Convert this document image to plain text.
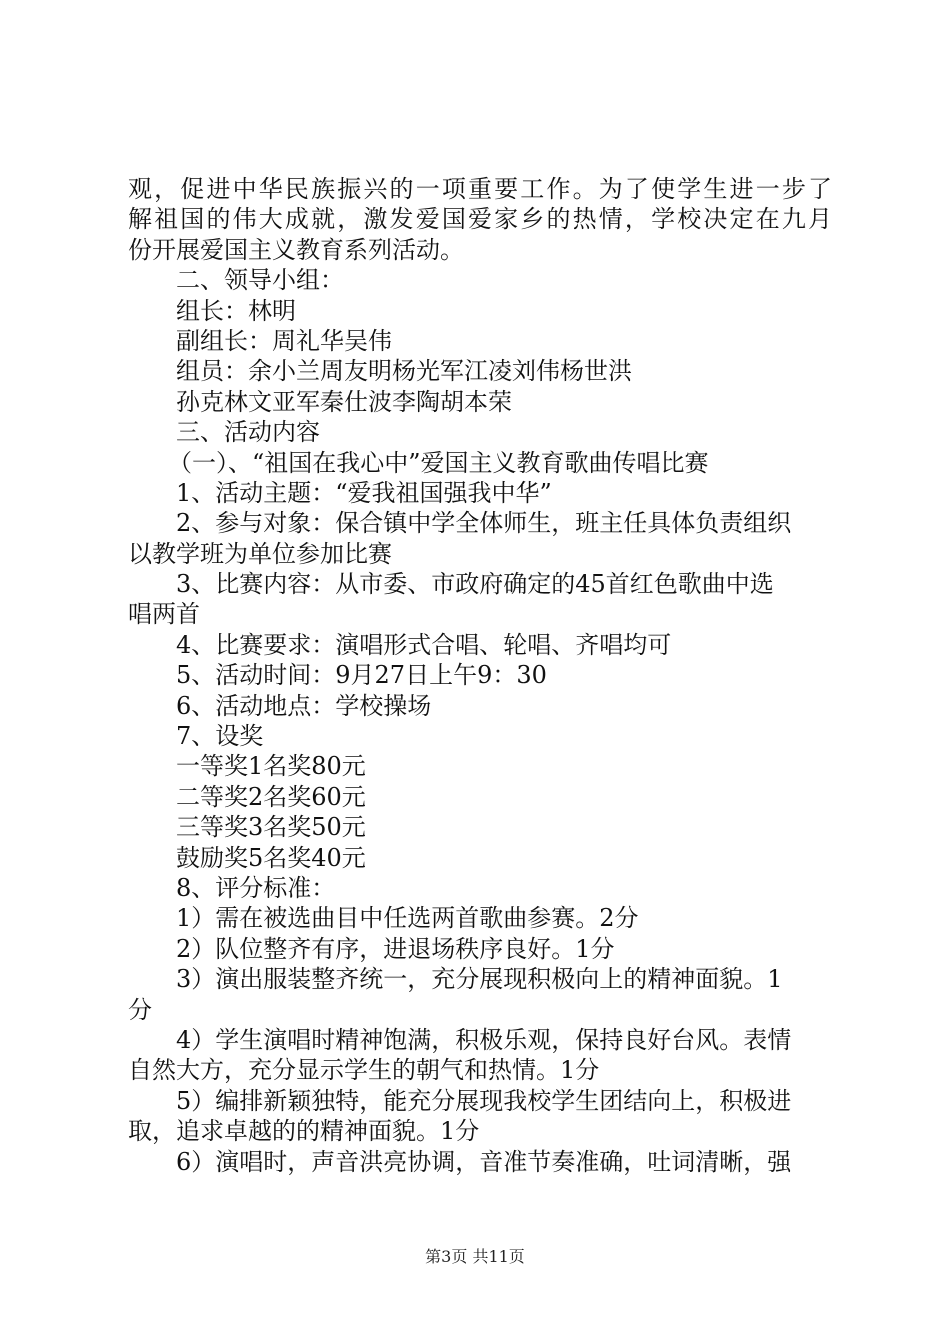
观，促进中华民族振兴的一项重要工作。为了使学生进一步了
解祖国的伟大成就，激发爱国爱家乡的热情，学校决定在九月
份开展爱国主义教育系列活动。
二、领导小组：
组长：林明
副组长：周礼华吴伟
组员：余小兰周友明杨光军江凌刘伟杨世洪
孙克林文亚军秦仕波李陶胡本荣
三、活动内容
（一）、“祖国在我心中”爱国主义教育歌曲传唱比赛
1、活动主题：“爱我祖国强我中华”
2、参与对象：保合镇中学全体师生，班主任具体负责组织
以教学班为单位参加比赛
3、比赛内容：从市委、市政府确定的45首红色歌曲中选
唱两首
4、比赛要求：演唱形式合唱、轮唱、齐唱均可
5、活动时间：9月27日上午9：30
6、活动地点：学校操场
7、设奖
一等奖1名奖80元
二等奖2名奖60元
三等奖3名奖50元
鼓励奖5名奖40元
8、评分标准：
1）需在被选曲目中任选两首歌曲参赛。2分
2）队位整齐有序，进退场秩序良好。1分
3）演出服装整齐统一，充分展现积极向上的精神面貌。1
分
4）学生演唱时精神饱满，积极乐观，保持良好台风。表情
自然大方，充分显示学生的朝气和热情。1分
5）编排新颖独特，能充分展现我校学生团结向上，积极进
取，追求卓越的的精神面貌。1分
6）演唱时，声音洪亮协调，音准节奏准确，吐词清晰，强
第3页 共11页
